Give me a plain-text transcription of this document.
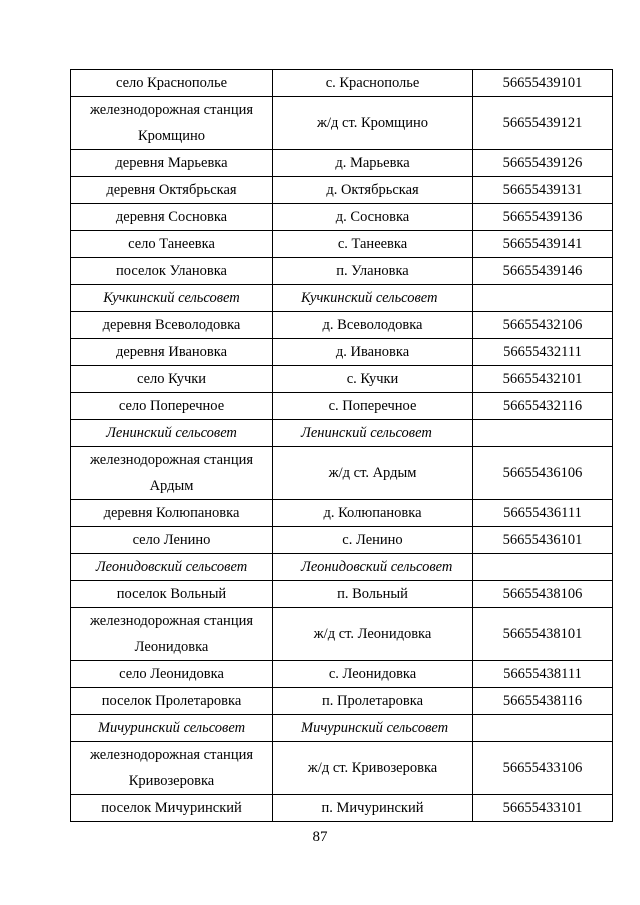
село Краснополье	с. Краснополье	56655439101
железнодорожная станция Кромщино	ж/д ст. Кромщино	56655439121
деревня Марьевка	д. Марьевка	56655439126
деревня Октябрьская	д. Октябрьская	56655439131
деревня Сосновка	д. Сосновка	56655439136
село Танеевка	с. Танеевка	56655439141
поселок Улановка	п. Улановка	56655439146
Кучкинский сельсовет	Кучкинский сельсовет	
деревня Всеволодовка	д. Всеволодовка	56655432106
деревня Ивановка	д. Ивановка	56655432111
село Кучки	с. Кучки	56655432101
село Поперечное	с. Поперечное	56655432116
Ленинский сельсовет	Ленинский сельсовет	
железнодорожная станция Ардым	ж/д ст. Ардым	56655436106
деревня Колюпановка	д. Колюпановка	56655436111
село Ленино	с. Ленино	56655436101
Леонидовский сельсовет	Леонидовский сельсовет	
поселок Вольный	п. Вольный	56655438106
железнодорожная станция Леонидовка	ж/д ст. Леонидовка	56655438101
село Леонидовка	с. Леонидовка	56655438111
поселок Пролетаровка	п. Пролетаровка	56655438116
Мичуринский сельсовет	Мичуринский сельсовет	
железнодорожная станция Кривозеровка	ж/д ст. Кривозеровка	56655433106
поселок Мичуринский	п. Мичуринский	56655433101
87
